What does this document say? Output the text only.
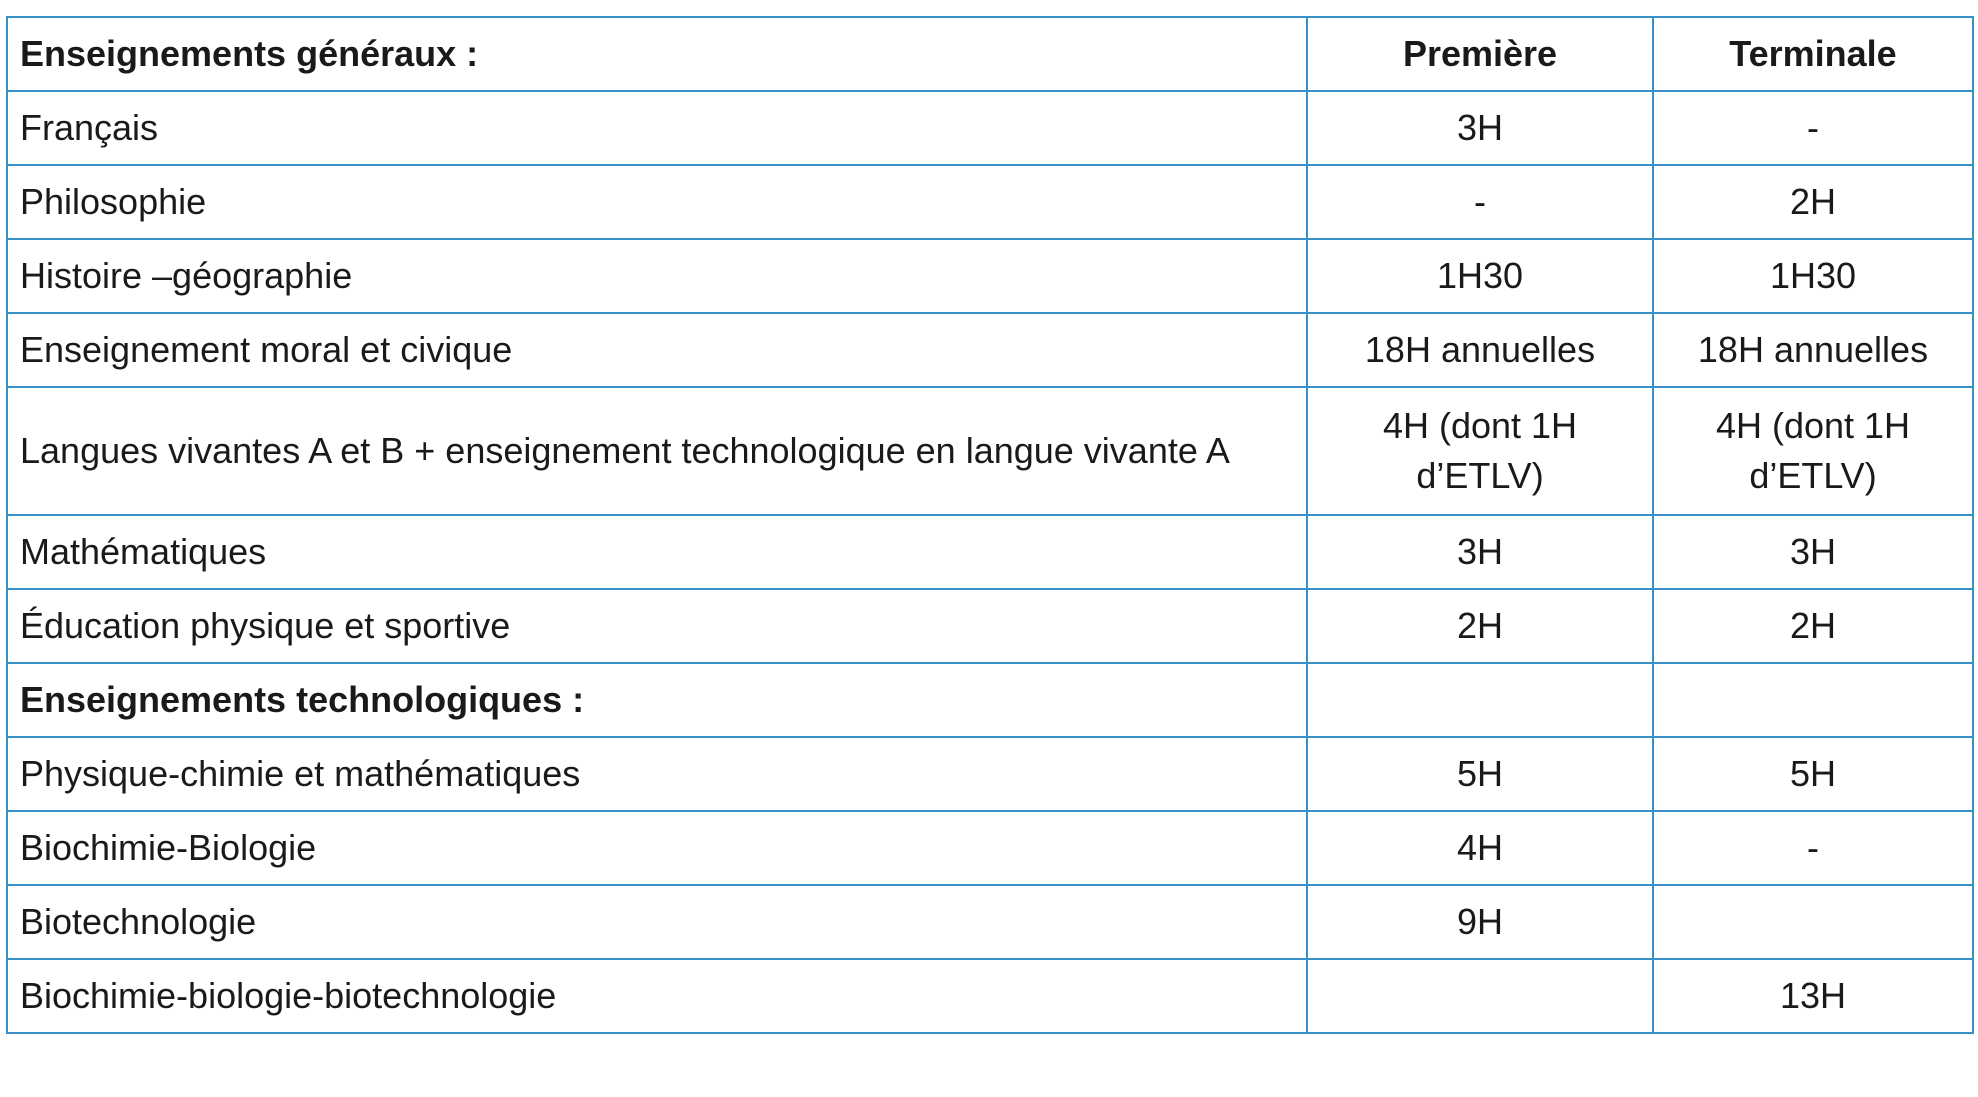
Enseignements généraux :	Première	Terminale
Français	3H	-
Philosophie	-	2H
Histoire –géographie	1H30	1H30
Enseignement moral et civique	18H annuelles	18H annuelles
Langues vivantes A et B + enseignement technologique en langue vivante A	4H (dont 1H d’ETLV)	4H (dont 1H d’ETLV)
Mathématiques	3H	3H
Éducation physique et sportive	2H	2H
Enseignements technologiques :		
Physique-chimie et mathématiques	5H	5H
Biochimie-Biologie	4H	-
Biotechnologie	9H	
Biochimie-biologie-biotechnologie		13H
